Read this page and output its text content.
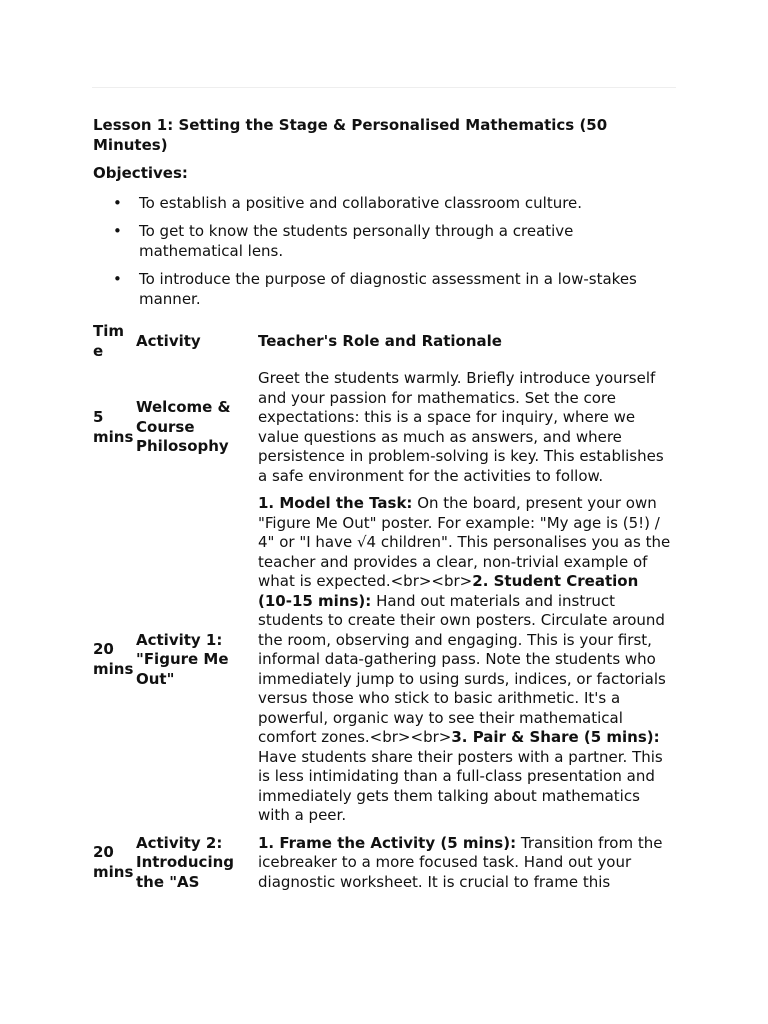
Lesson 1: Setting the Stage & Personalised Mathematics (50 Minutes)
Objectives:
• To establish a positive and collaborative classroom culture.
• To get to know the students personally through a creative mathematical lens.
• To introduce the purpose of diagnostic assessment in a low-stakes manner.
Time	Activity	Teacher's Role and Rationale
5 mins	Welcome & Course Philosophy	Greet the students warmly. Briefly introduce yourself and your passion for mathematics. Set the core expectations: this is a space for inquiry, where we value questions as much as answers, and where persistence in problem-solving is key. This establishes a safe environment for the activities to follow.
20 mins	Activity 1: "Figure Me Out"	1. Model the Task: On the board, present your own "Figure Me Out" poster. For example: "My age is (5!) / 4" or "I have √4 children". This personalises you as the teacher and provides a clear, non-trivial example of what is expected.<br><br>2. Student Creation (10-15 mins): Hand out materials and instruct students to create their own posters. Circulate around the room, observing and engaging. This is your first, informal data-gathering pass. Note the students who immediately jump to using surds, indices, or factorials versus those who stick to basic arithmetic. It's a powerful, organic way to see their mathematical comfort zones.<br><br>3. Pair & Share (5 mins): Have students share their posters with a partner. This is less intimidating than a full-class presentation and immediately gets them talking about mathematics with a peer.
20 mins	Activity 2: Introducing the "AS	1. Frame the Activity (5 mins): Transition from the icebreaker to a more focused task. Hand out your diagnostic worksheet. It is crucial to frame this
